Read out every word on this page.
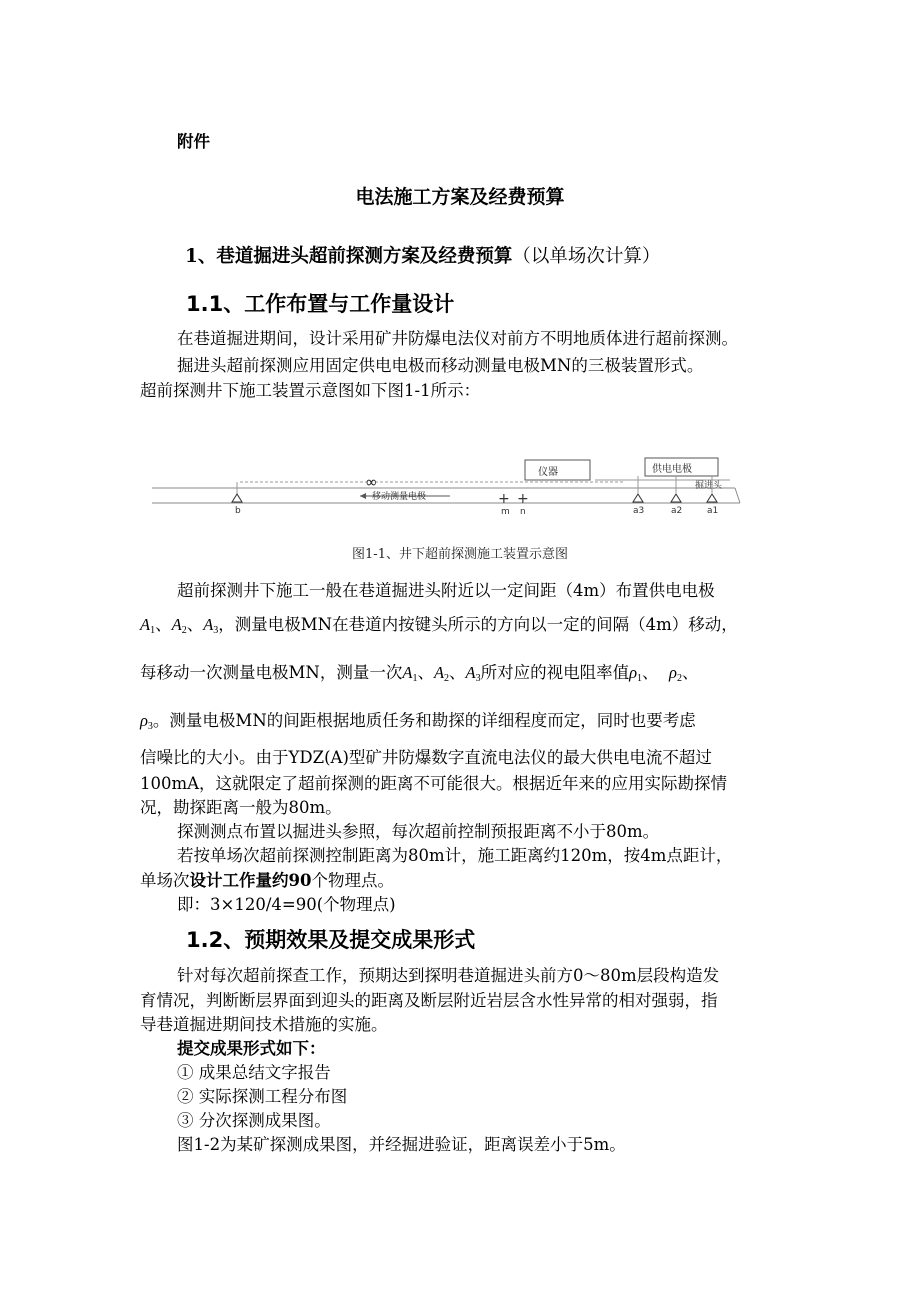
附件
电法施工方案及经费预算
1、巷道掘进头超前探测方案及经费预算（以单场次计算）
1.1、工作布置与工作量设计
在巷道掘进期间，设计采用矿井防爆电法仪对前方不明地质体进行超前探测。
掘进头超前探测应用固定供电电极而移动测量电极MN的三极装置形式。
超前探测井下施工装置示意图如下图1-1所示：
∞
仪器	供电电极
移动测量电极
b
+ +
m n	a3	a2	a1
掘进头
图1-1、井下超前探测施工装置示意图
超前探测井下施工一般在巷道掘进头附近以一定间距（4m）布置供电电极
$A_1$、$A_2$、$A_3$，测量电极MN在巷道内按键头所示的方向以一定的间隔（4m）移动，
每移动一次测量电极MN，测量一次$A_1$、$A_2$、$A_3$所对应的视电阻率值$\rho_1$、 $\rho_2$、
$\rho_3$。测量电极MN的间距根据地质任务和勘探的详细程度而定，同时也要考虑
信噪比的大小。由于YDZ(A)型矿井防爆数字直流电法仪的最大供电电流不超过
100mA，这就限定了超前探测的距离不可能很大。根据近年来的应用实际勘探情
况，勘探距离一般为80m。
探测测点布置以掘进头参照，每次超前控制预报距离不小于80m。
若按单场次超前探测控制距离为80m计，施工距离约120m，按4m点距计，
单场次设计工作量约90个物理点。
即：3×120/4=90(个物理点)
1.2、预期效果及提交成果形式
针对每次超前探查工作，预期达到探明巷道掘进头前方0～80m层段构造发
育情况，判断断层界面到迎头的距离及断层附近岩层含水性异常的相对强弱，指
导巷道掘进期间技术措施的实施。
提交成果形式如下：
① 成果总结文字报告
② 实际探测工程分布图
③ 分次探测成果图。
图1-2为某矿探测成果图，并经掘进验证，距离误差小于5m。
